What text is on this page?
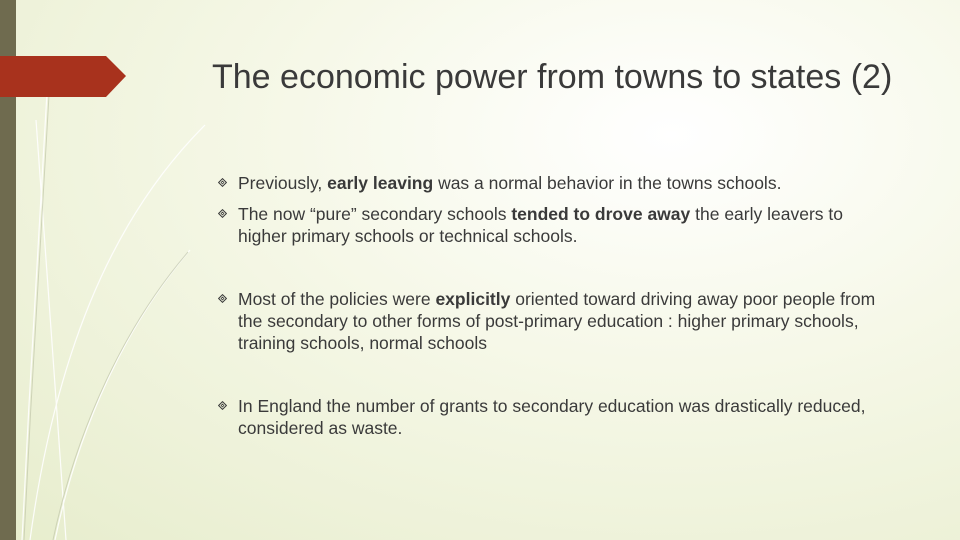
The economic power from towns to states (2)
Previously, early leaving was a normal behavior in the towns schools.
The now “pure” secondary schools tended to drove away the early leavers to higher primary schools or technical schools.
Most of the policies were explicitly oriented toward driving away poor people from the secondary to other forms of post-primary education : higher primary schools, training schools, normal schools
In England the number of grants to secondary education was drastically reduced, considered as waste.
